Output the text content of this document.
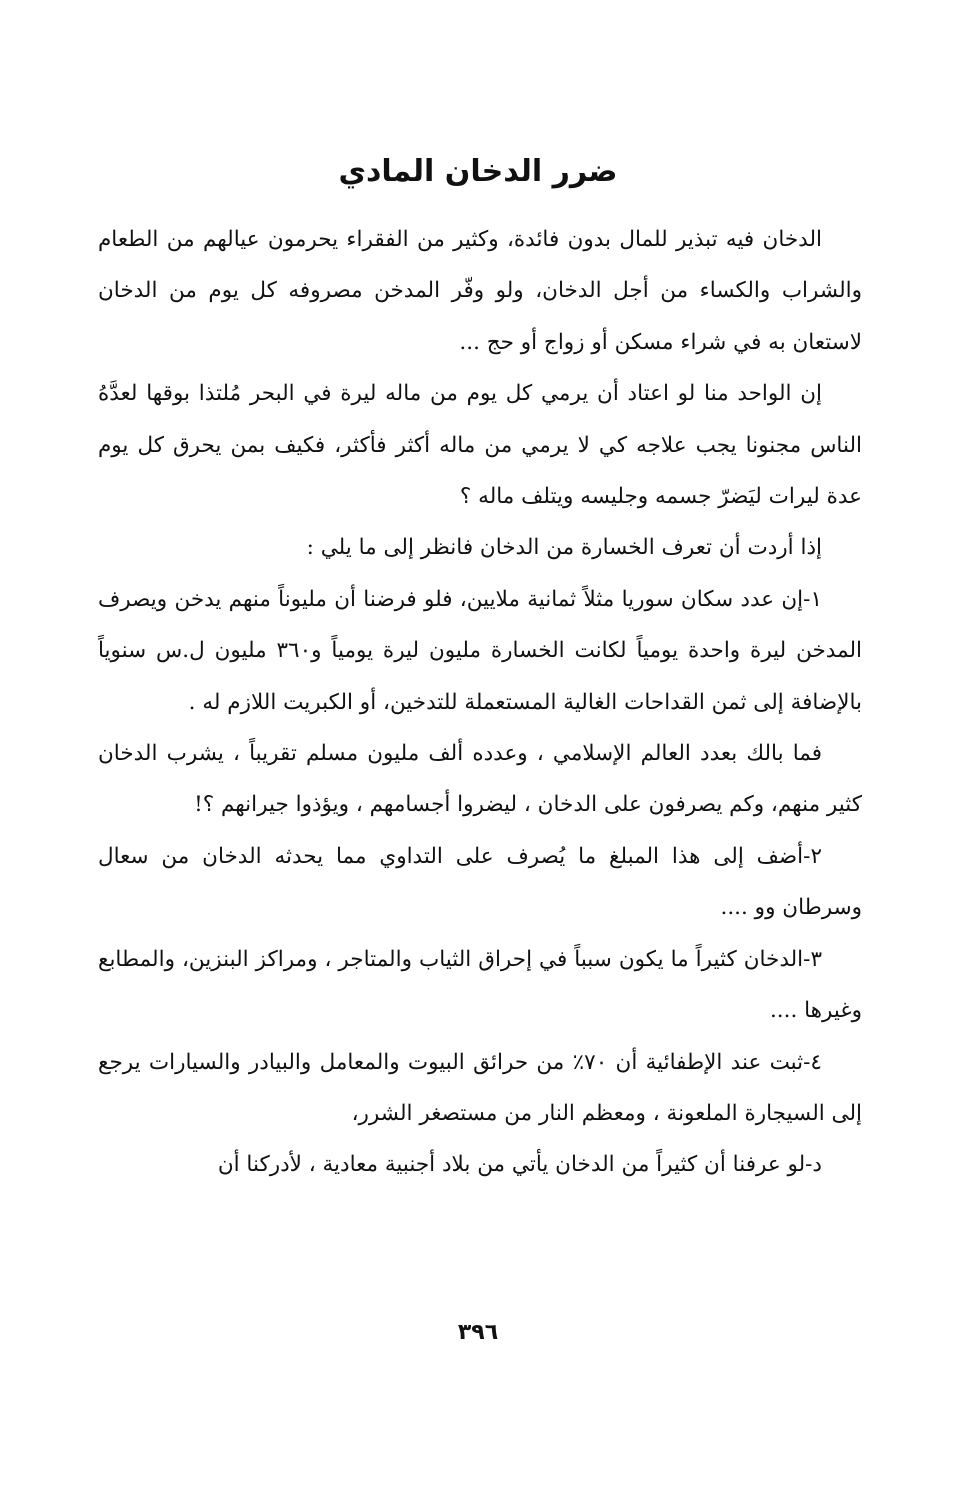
ضرر الدخان المادي

الدخان فيه تبذير للمال بدون فائدة، وكثير من الفقراء يحرمون عيالهم من الطعام والشراب والكساء من أجل الدخان، ولو وفّر المدخن مصروفه كل يوم من الدخان لاستعان به في شراء مسكن أو زواج أو حج ...

إن الواحد منا لو اعتاد أن يرمي كل يوم من ماله ليرة في البحر مُلتذا بوقها لعدَّهُ الناس مجنونا يجب علاجه كي لا يرمي من ماله أكثر فأكثر، فكيف بمن يحرق كل يوم عدة ليرات ليَضرّ جسمه وجليسه ويتلف ماله ؟

إذا أردت أن تعرف الخسارة من الدخان فانظر إلى ما يلي :

١-إن عدد سكان سوريا مثلاً ثمانية ملايين، فلو فرضنا أن مليوناً منهم يدخن ويصرف المدخن ليرة واحدة يومياً لكانت الخسارة مليون ليرة يومياً و٣٦٠ مليون ل.س سنوياً بالإضافة إلى ثمن القداحات الغالية المستعملة للتدخين، أو الكبريت اللازم له .

فما بالك بعدد العالم الإسلامي ، وعدده ألف مليون مسلم تقريباً ، يشرب الدخان كثير منهم، وكم يصرفون على الدخان ، ليضروا أجسامهم ، ويؤذوا جيرانهم ؟!

٢-أضف إلى هذا المبلغ ما يُصرف على التداوي مما يحدثه الدخان من سعال وسرطان وو ....

٣-الدخان كثيراً ما يكون سبباً في إحراق الثياب والمتاجر ، ومراكز البنزين، والمطابع وغيرها ....

٤-ثبت عند الإطفائية أن ٧٠٪ من حرائق البيوت والمعامل والبيادر والسيارات يرجع إلى السيجارة الملعونة ، ومعظم النار من مستصغر الشرر،

د-لو عرفنا أن كثيراً من الدخان يأتي من بلاد أجنبية معادية ، لأدركنا أن

٣٩٦
